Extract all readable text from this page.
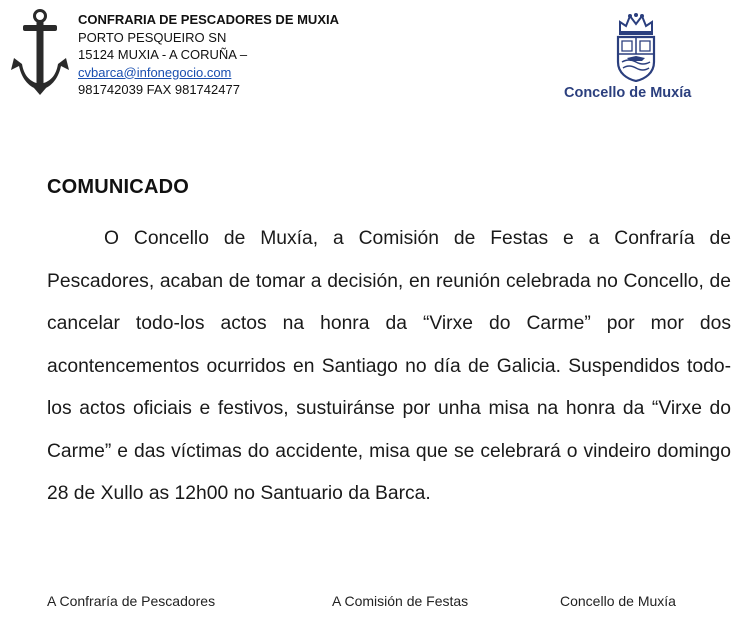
CONFRARIA DE PESCADORES DE MUXIA
PORTO PESQUEIRO SN
15124 MUXIA - A CORUÑA –
cvbarca@infonegocio.com
981742039 FAX 981742477	Concello de Muxía
COMUNICADO

O Concello de Muxía, a Comisión de Festas e a Confraría de Pescadores, acaban de tomar a decisión, en reunión celebrada no Concello, de cancelar todo-los actos na honra da “Virxe do Carme” por mor dos acontencementos ocurridos en Santiago no día de Galicia. Suspendidos todo-los actos oficiais e festivos, sustuiránse por unha misa na honra da “Virxe do Carme” e das víctimas do accidente, misa que se celebrará o vindeiro domingo 28 de Xullo as 12h00 no Santuario da Barca.

A Confraría de Pescadores	A Comisión de Festas	Concello de Muxía
